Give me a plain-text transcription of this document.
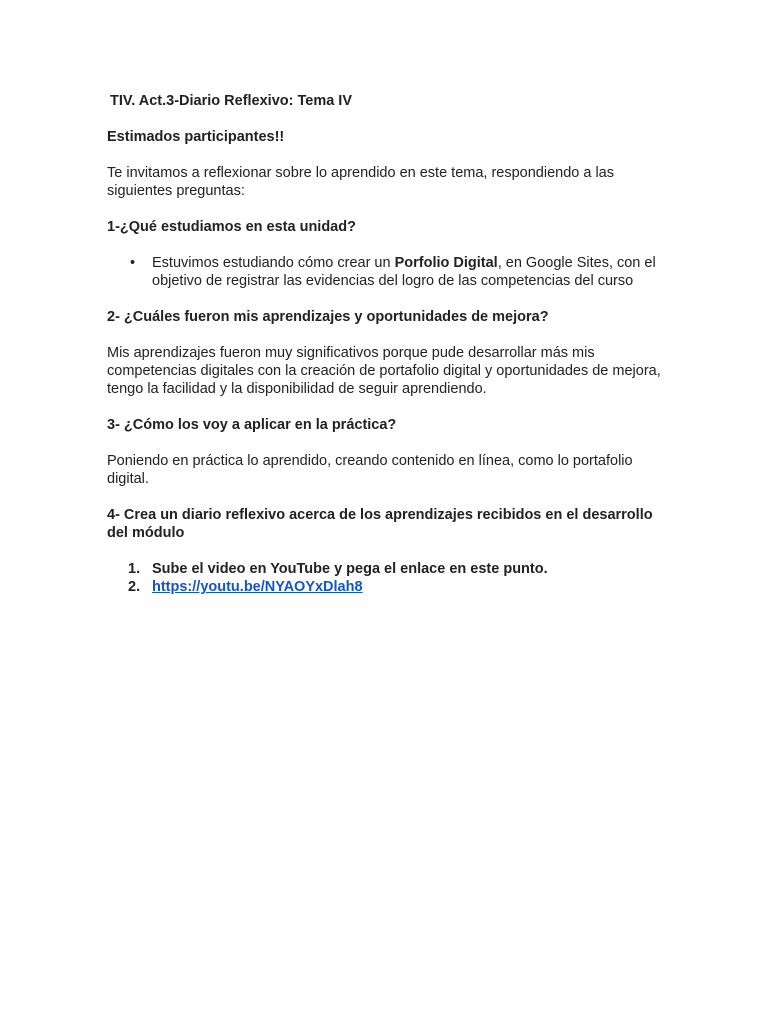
TIV. Act.3-Diario Reflexivo: Tema IV

Estimados participantes!!

Te invitamos a reflexionar sobre lo aprendido en este tema, respondiendo a las siguientes preguntas:

1-¿Qué estudiamos en esta unidad?

• Estuvimos estudiando cómo crear un Porfolio Digital, en Google Sites, con el objetivo de registrar las evidencias del logro de las competencias del curso

2- ¿Cuáles fueron mis aprendizajes y oportunidades de mejora?

Mis aprendizajes fueron muy significativos porque pude desarrollar más mis competencias digitales con la creación de portafolio digital y oportunidades de mejora, tengo la facilidad y la disponibilidad de seguir aprendiendo.

3- ¿Cómo los voy a aplicar en la práctica?

Poniendo en práctica lo aprendido, creando contenido en línea, como lo portafolio digital.

4- Crea un diario reflexivo acerca de los aprendizajes recibidos en el desarrollo del módulo

1. Sube el video en YouTube y pega el enlace en este punto.
2. https://youtu.be/NYAOYxDlah8
